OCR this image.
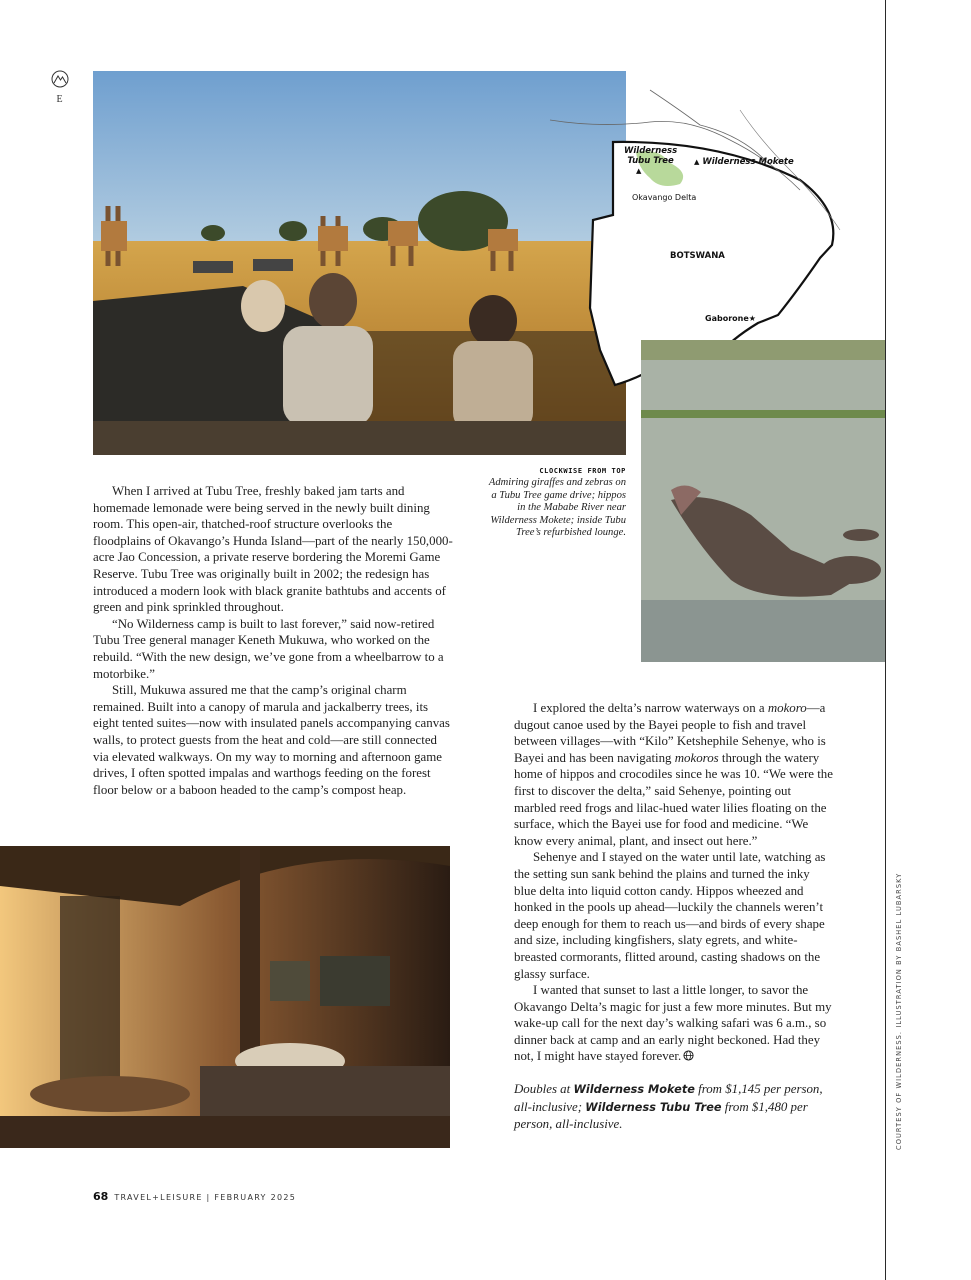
E
Wilderness
Tubu Tree
▲
▲ Wilderness Mokete
Okavango Delta
BOTSWANA
Gaborone★
CLOCKWISE FROM TOP
Admiring giraffes and zebras on a Tubu Tree game drive; hippos in the Mababe River near Wilderness Mokete; inside Tubu Tree’s refurbished lounge.

When I arrived at Tubu Tree, freshly baked jam tarts and homemade lemonade were being served in the newly built dining room. This open-air, thatched-roof structure overlooks the floodplains of Okavango’s Hunda Island—part of the nearly 150,000-acre Jao Concession, a private reserve bordering the Moremi Game Reserve. Tubu Tree was originally built in 2002; the redesign has introduced a modern look with black granite bathtubs and accents of green and pink sprinkled throughout.

“No Wilderness camp is built to last forever,” said now-retired Tubu Tree general manager Keneth Mukuwa, who worked on the rebuild. “With the new design, we’ve gone from a wheelbarrow to a motorbike.”

Still, Mukuwa assured me that the camp’s original charm remained. Built into a canopy of marula and jackalberry trees, its eight tented suites—now with insulated panels accompanying canvas walls, to protect guests from the heat and cold—are still connected via elevated walkways. On my way to morning and afternoon game drives, I often spotted impalas and warthogs feeding on the forest floor below or a baboon headed to the camp’s compost heap.

I explored the delta’s narrow waterways on a mokoro—a dugout canoe used by the Bayei people to fish and travel between villages—with “Kilo” Ketshephile Sehenye, who is Bayei and has been navigating mokoros through the watery home of hippos and crocodiles since he was 10. “We were the first to discover the delta,” said Sehenye, pointing out marbled reed frogs and lilac-hued water lilies floating on the surface, which the Bayei use for food and medicine. “We know every animal, plant, and insect out here.”

Sehenye and I stayed on the water until late, watching as the setting sun sank behind the plains and turned the inky blue delta into liquid cotton candy. Hippos wheezed and honked in the pools up ahead—luckily the channels weren’t deep enough for them to reach us—and birds of every shape and size, including kingfishers, slaty egrets, and white-breasted cormorants, flitted around, casting shadows on the glassy surface.

I wanted that sunset to last a little longer, to savor the Okavango Delta’s magic for just a few more minutes. But my wake-up call for the next day’s walking safari was 6 a.m., so dinner back at camp and an early night beckoned. Had they not, I might have stayed forever.

Doubles at Wilderness Mokete from $1,145 per person, all-inclusive; Wilderness Tubu Tree from $1,480 per person, all-inclusive.

68 TRAVEL+LEISURE | FEBRUARY 2025
COURTESY OF WILDERNESS. ILLUSTRATION BY BASHEL LUBARSKY
